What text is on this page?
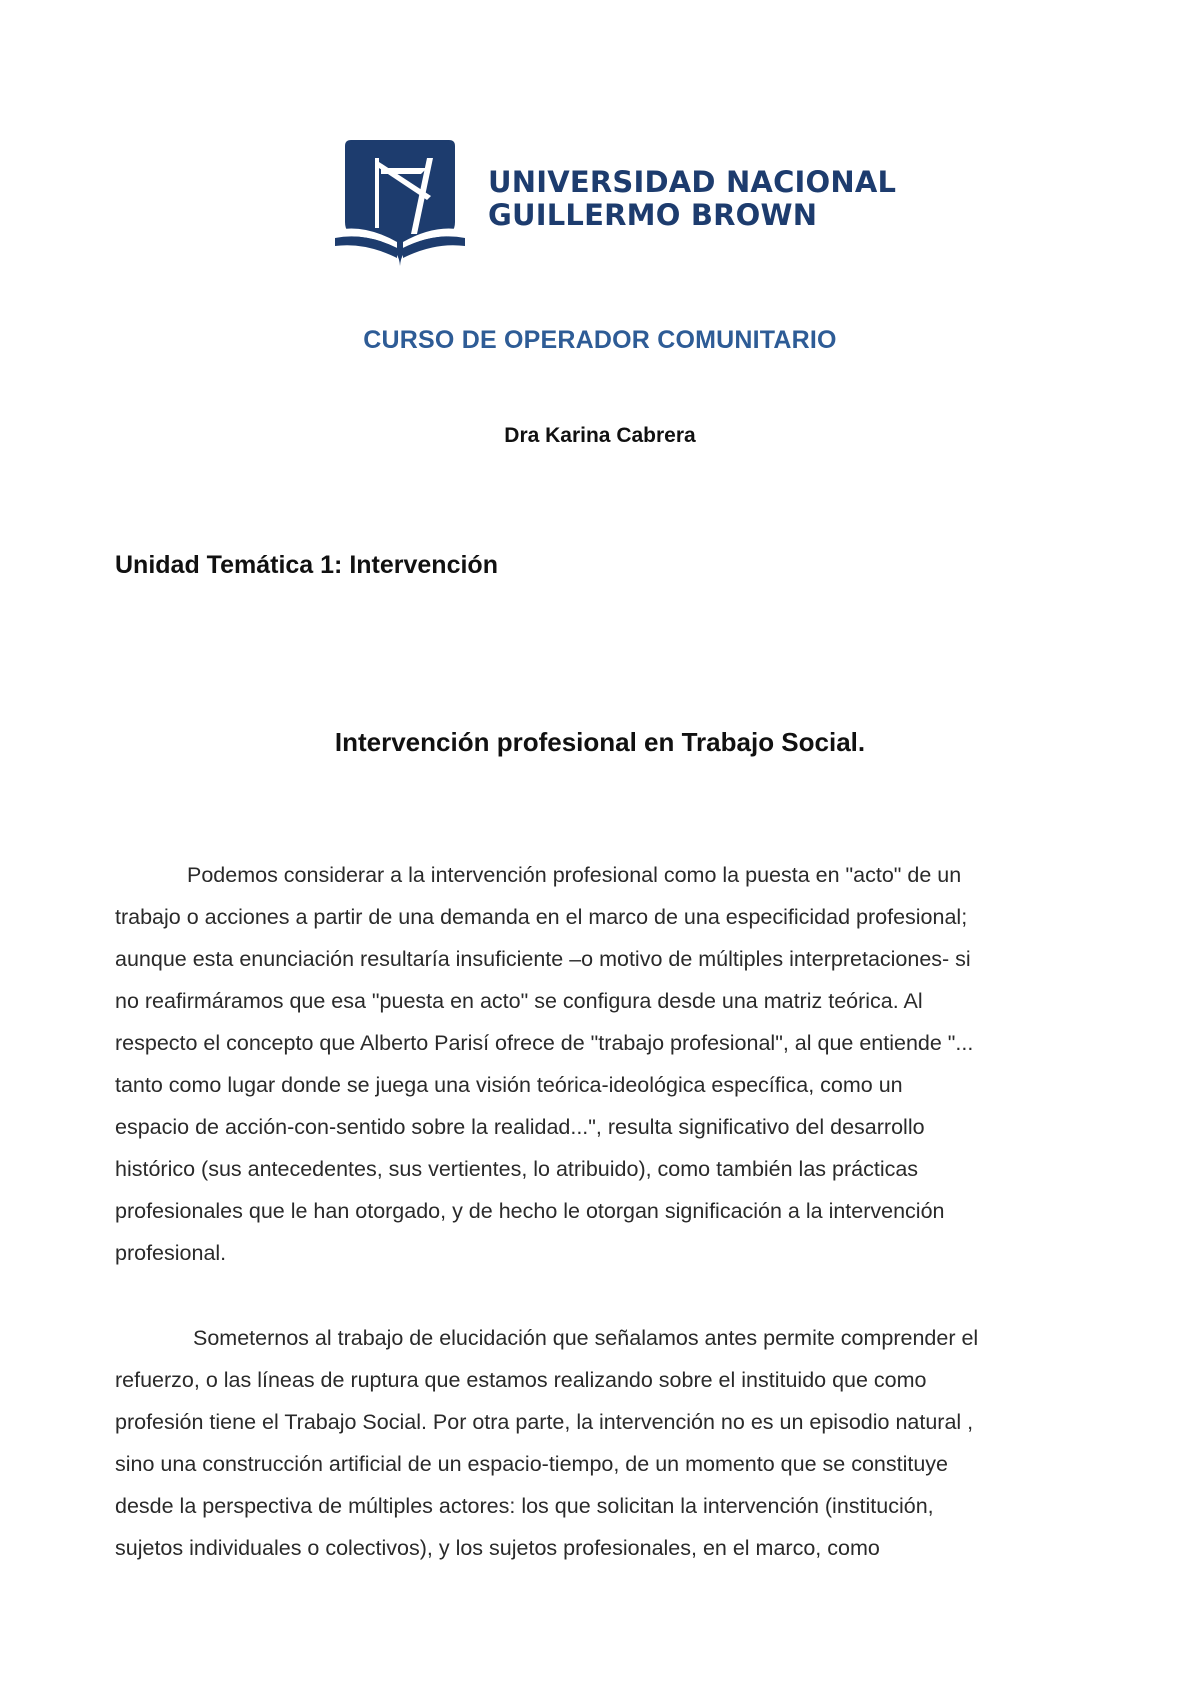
UNIVERSIDAD NACIONAL
GUILLERMO BROWN
CURSO DE OPERADOR COMUNITARIO
Dra Karina Cabrera
Unidad Temática 1: Intervención
Intervención profesional en Trabajo Social.
Podemos considerar a la intervención profesional como la puesta en "acto" de un
trabajo o acciones a partir de una demanda en el marco de una especificidad profesional;
aunque esta enunciación resultaría insuficiente –o motivo de múltiples interpretaciones- si
no reafirmáramos que esa "puesta en acto" se configura desde una matriz teórica. Al
respecto el concepto que Alberto Parisí ofrece de "trabajo profesional", al que entiende "...
tanto como lugar donde se juega una visión teórica-ideológica específica, como un
espacio de acción-con-sentido sobre la realidad...", resulta significativo del desarrollo
histórico (sus antecedentes, sus vertientes, lo atribuido), como también las prácticas
profesionales que le han otorgado, y de hecho le otorgan significación a la intervención
profesional.
Someternos al trabajo de elucidación que señalamos antes permite comprender el
refuerzo, o las líneas de ruptura que estamos realizando sobre el instituido que como
profesión tiene el Trabajo Social. Por otra parte, la intervención no es un episodio natural ,
sino una construcción artificial de un espacio-tiempo, de un momento que se constituye
desde la perspectiva de múltiples actores: los que solicitan la intervención (institución,
sujetos individuales o colectivos), y los sujetos profesionales, en el marco, como
